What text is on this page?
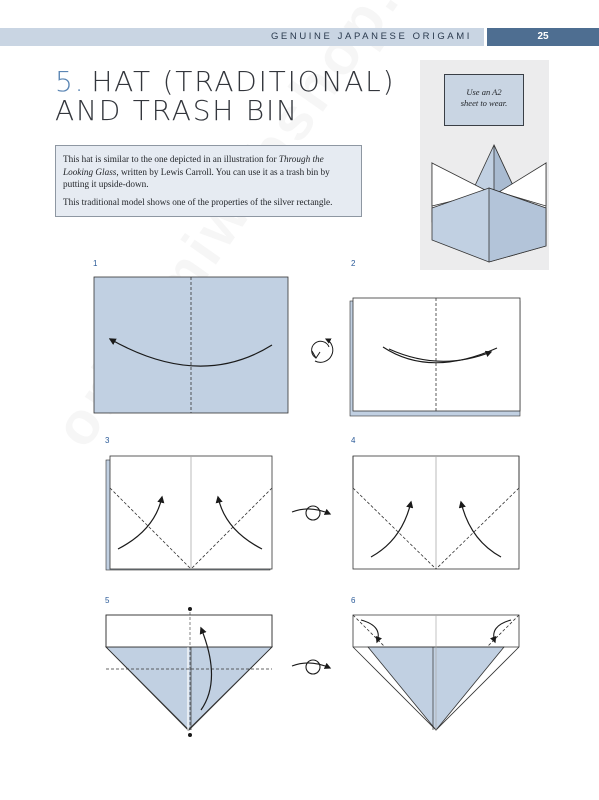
GENUINE JAPANESE ORIGAMI	25
5. HAT (TRADITIONAL)
AND TRASH BIN

This hat is similar to the one depicted in an illustration for Through the Looking Glass, written by Lewis Carroll. You can use it as a trash bin by putting it upside-down.

This traditional model shows one of the properties of the silver rectangle.

Use an A2
sheet to wear.
1	2
3	4
5	6
